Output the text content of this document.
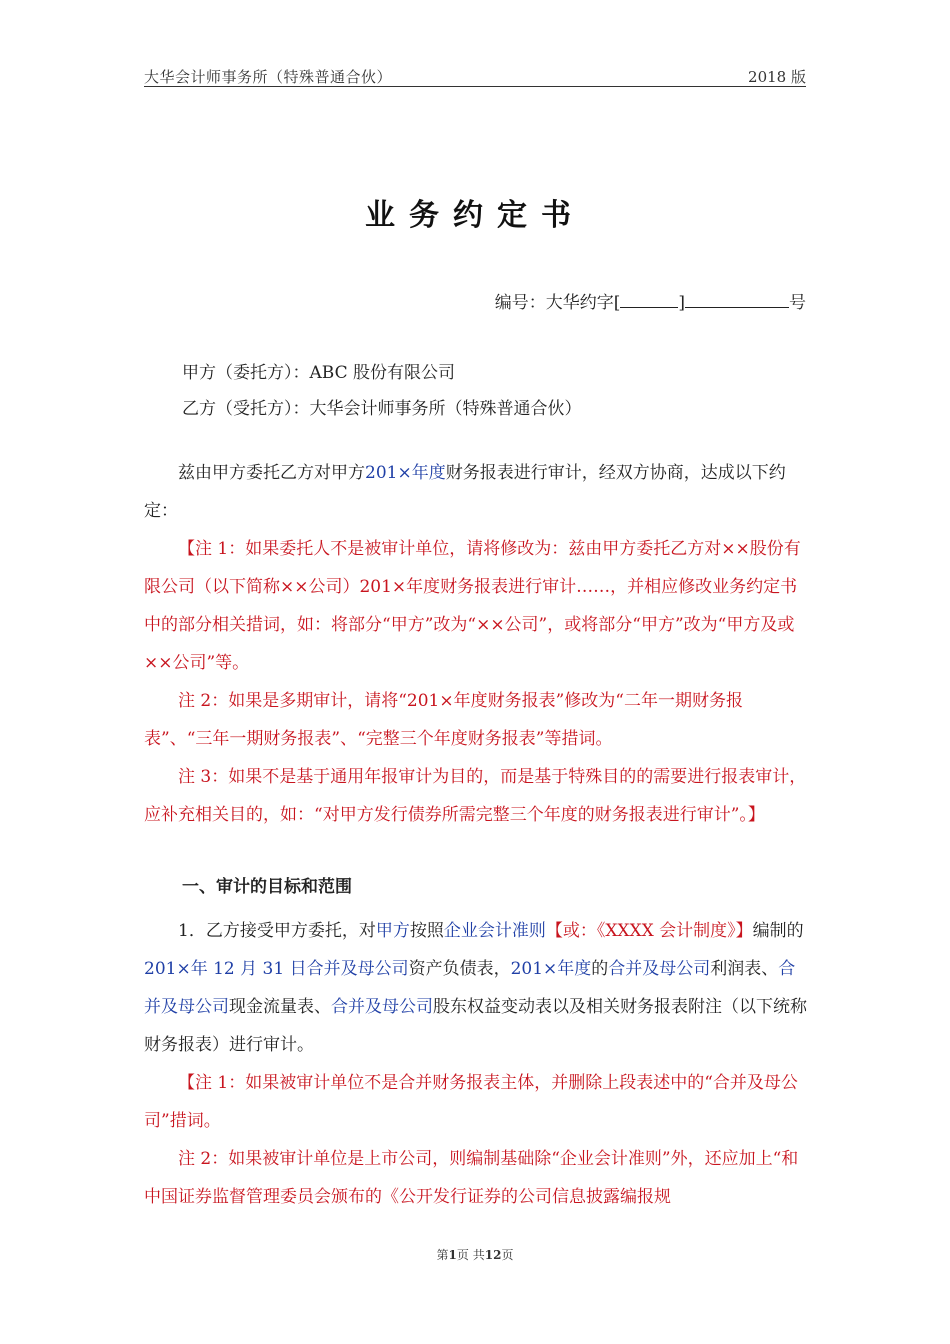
大华会计师事务所（特殊普通合伙）	2018 版
业务约定书
编号：大华约字[	]	号
甲方（委托方）：ABC 股份有限公司
乙方（受托方）：大华会计师事务所（特殊普通合伙）

兹由甲方委托乙方对甲方201×年度财务报表进行审计，经双方协商，达成以下约定：

【注 1：如果委托人不是被审计单位，请将修改为：兹由甲方委托乙方对××股份有限公司（以下简称××公司）201×年度财务报表进行审计……，并相应修改业务约定书中的部分相关措词，如：将部分“甲方”改为“××公司”，或将部分“甲方”改为“甲方及或××公司”等。

注 2：如果是多期审计，请将“201×年度财务报表”修改为“二年一期财务报表”、“三年一期财务报表”、“完整三个年度财务报表”等措词。

注 3：如果不是基于通用年报审计为目的，而是基于特殊目的的需要进行报表审计，应补充相关目的，如：“对甲方发行债券所需完整三个年度的财务报表进行审计”。】

一、审计的目标和范围

1．乙方接受甲方委托，对甲方按照企业会计准则【或：《XXXX 会计制度》】编制的201×年 12 月 31 日合并及母公司资产负债表，201×年度的合并及母公司利润表、合并及母公司现金流量表、合并及母公司股东权益变动表以及相关财务报表附注（以下统称财务报表）进行审计。

【注 1：如果被审计单位不是合并财务报表主体，并删除上段表述中的“合并及母公司”措词。

注 2：如果被审计单位是上市公司，则编制基础除“企业会计准则”外，还应加上“和中国证券监督管理委员会颁布的《公开发行证券的公司信息披露编报规

第1页 共12页
